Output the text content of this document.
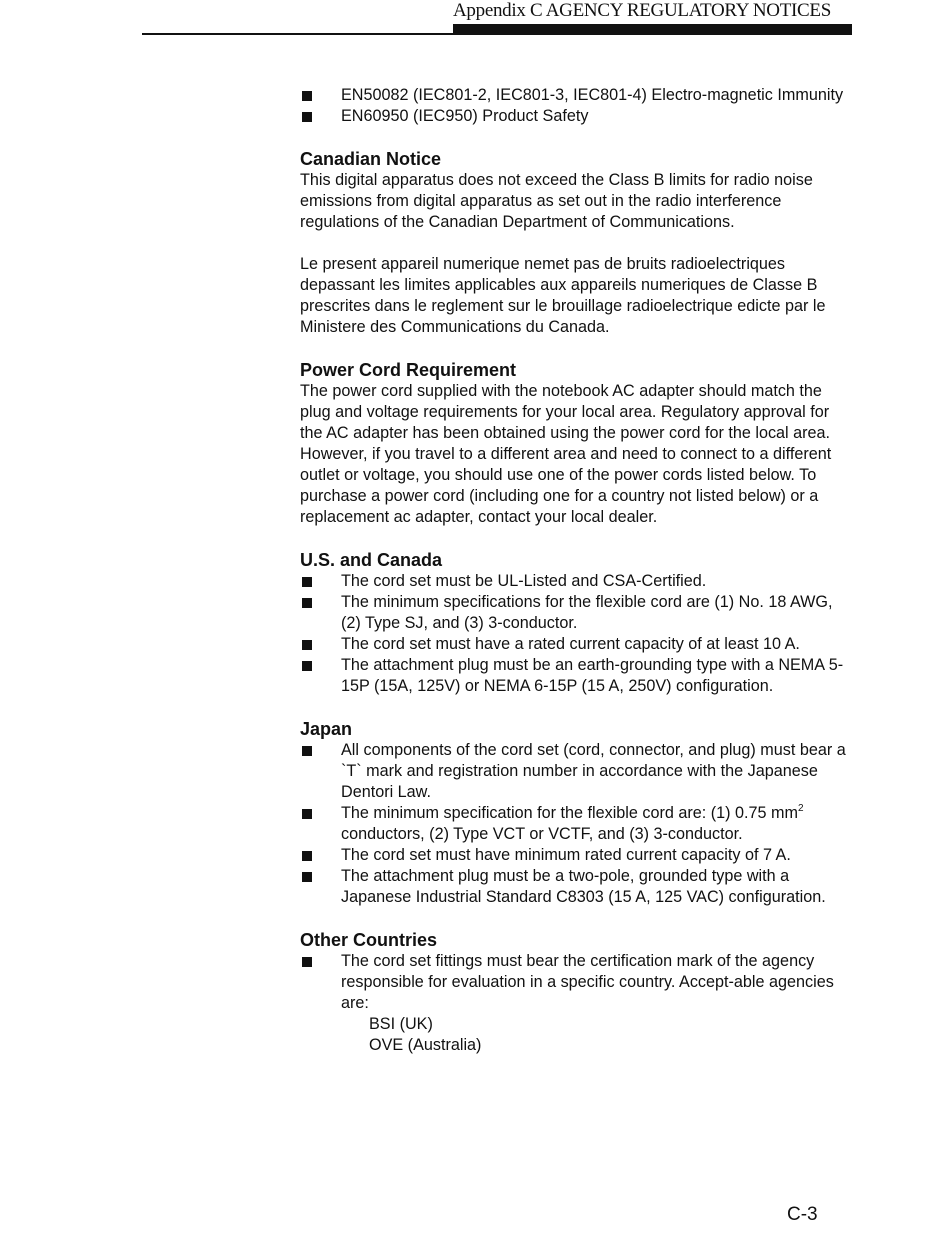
Appendix C AGENCY REGULATORY NOTICES
EN50082 (IEC801-2, IEC801-3, IEC801-4) Electro-magnetic Immunity
EN60950 (IEC950) Product Safety
Canadian Notice

This digital apparatus does not exceed the Class B limits for radio noise emissions from digital apparatus as set out in the radio interference regulations of the Canadian Department of Communications.

Le present appareil numerique nemet pas de bruits radioelectriques depassant les limites applicables aux appareils numeriques de Classe B prescrites dans le reglement sur le brouillage radioelectrique edicte par le Ministere des Communications du Canada.

Power Cord Requirement

The power cord supplied with the notebook AC adapter should match the plug and voltage requirements for your local area. Regulatory approval for the AC adapter has been obtained using the power cord for the local area. However, if you travel to a different area and need to connect to a different outlet or voltage, you should use one of the power cords listed below. To purchase a power cord (including one for a country not listed below) or a replacement ac adapter, contact your local dealer.

U.S. and Canada
The cord set must be UL-Listed and CSA-Certified.
The minimum specifications for the flexible cord are (1) No. 18 AWG, (2) Type SJ, and (3) 3-conductor.
The cord set must have a rated current capacity of at least 10 A.
The attachment plug must be an earth-grounding type with a NEMA 5-15P (15A, 125V) or NEMA 6-15P (15 A, 250V) configuration.
Japan
All components of the cord set (cord, connector, and plug) must bear a `T` mark and registration number in accordance with the Japanese Dentori Law.
The minimum specification for the flexible cord are: (1) 0.75 $mm^2$ conductors, (2) Type VCT or VCTF, and (3) 3-conductor.
The cord set must have minimum rated current capacity of 7 A.
The attachment plug must be a two-pole, grounded type with a Japanese Industrial Standard C8303 (15 A, 125 VAC) configuration.
Other Countries
The cord set fittings must bear the certification mark of the agency responsible for evaluation in a specific country. Accept-able agencies are:
BSI (UK)
OVE (Australia)
C-3
